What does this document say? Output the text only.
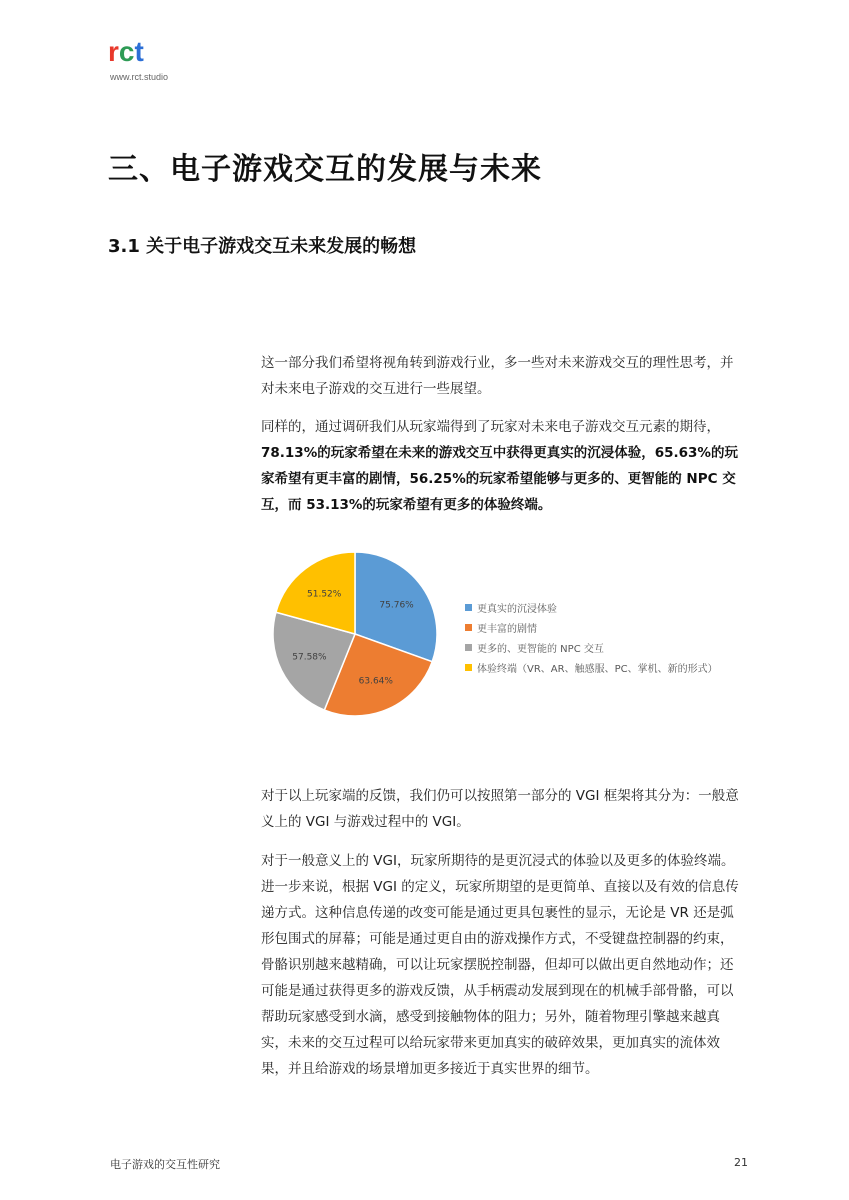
rct
www.rct.studio
三、电子游戏交互的发展与未来
3.1 关于电子游戏交互未来发展的畅想
这一部分我们希望将视角转到游戏行业，多一些对未来游戏交互的理性思考，并对未来电子游戏的交互进行一些展望。
同样的，通过调研我们从玩家端得到了玩家对未来电子游戏交互元素的期待，78.13%的玩家希望在未来的游戏交互中获得更真实的沉浸体验，65.63%的玩家希望有更丰富的剧情，56.25%的玩家希望能够与更多的、更智能的 NPC 交互，而 53.13%的玩家希望有更多的体验终端。
75.76%
63.64%
57.58%
51.52%
更真实的沉浸体验
更丰富的剧情
更多的、更智能的 NPC 交互
体验终端（VR、AR、触感服、PC、掌机、新的形式）
对于以上玩家端的反馈，我们仍可以按照第一部分的 VGI 框架将其分为：一般意义上的 VGI 与游戏过程中的 VGI。
对于一般意义上的 VGI，玩家所期待的是更沉浸式的体验以及更多的体验终端。进一步来说，根据 VGI 的定义，玩家所期望的是更简单、直接以及有效的信息传递方式。这种信息传递的改变可能是通过更具包裹性的显示，无论是 VR 还是弧形包围式的屏幕；可能是通过更自由的游戏操作方式，不受键盘控制器的约束，骨骼识别越来越精确，可以让玩家摆脱控制器，但却可以做出更自然地动作；还可能是通过获得更多的游戏反馈，从手柄震动发展到现在的机械手部骨骼，可以帮助玩家感受到水滴，感受到接触物体的阻力；另外，随着物理引擎越来越真实，未来的交互过程可以给玩家带来更加真实的破碎效果，更加真实的流体效果，并且给游戏的场景增加更多接近于真实世界的细节。
电子游戏的交互性研究	21
